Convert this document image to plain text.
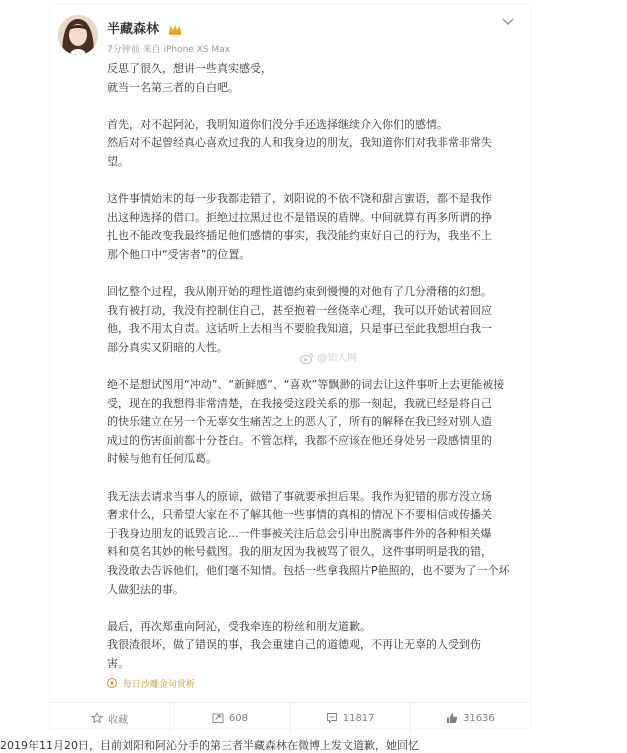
半藏森林
7分钟前 来自 iPhone XS Max

反思了很久，想讲一些真实感受，
就当一名第三者的自白吧。

首先，对不起阿沁，我明知道你们没分手还选择继续介入你们的感情。
然后对不起曾经真心喜欢过我的人和我身边的朋友，我知道你们对我非常非常失
望。

这件事情始末的每一步我都走错了，刘阳说的不依不饶和甜言蜜语，都不是我作
出这种选择的借口。拒绝过拉黑过也不是错误的盾牌。中间就算有再多所谓的挣
扎也不能改变我最终插足他们感情的事实，我没能约束好自己的行为，我坐不上
那个他口中“受害者”的位置。

回忆整个过程，我从刚开始的理性道德约束到慢慢的对他有了几分滑稽的幻想。
我有被打动，我没有控制住自己，甚至抱着一丝侥幸心理，我可以开始试着回应
他，我不用太自责。这话听上去相当不要脸我知道，只是事已至此我想坦白我一
部分真实又阴暗的人性。

绝不是想试图用“冲动”、“新鲜感”、“喜欢”等飘渺的词去让这件事听上去更能被接
受，现在的我想得非常清楚，在我接受这段关系的那一刻起，我就已经是将自己
的快乐建立在另一个无辜女生痛苦之上的恶人了，所有的解释在我已经对别人造
成过的伤害面前都十分苍白。不管怎样，我都不应该在他还身处另一段感情里的
时候与他有任何瓜葛。

我无法去请求当事人的原谅，做错了事就要承担后果。我作为犯错的那方没立场
奢求什么，只希望大家在不了解其他一些事情的真相的情况下不要相信或传播关
于我身边朋友的诋毁言论...一件事被关注后总会引申出脱离事件外的各种相关爆
料和莫名其妙的帐号截图。我的朋友因为我被骂了很久，这件事明明是我的错，
我没敢去告诉他们，他们毫不知情。包括一些拿我照片P艳照的，也不要为了一个坏
人做犯法的事。

最后，再次郑重向阿沁，受我牵连的粉丝和朋友道歉。
我很渣很坏，做了错误的事，我会重建自己的道德观，不再让无辜的人受到伤
害。

@知人网
每日沙雕金句赏析
收藏	608	11817	31636
2019年11月20日，目前刘阳和阿沁分手的第三者半藏森林在微博上发文道歉，她回忆
